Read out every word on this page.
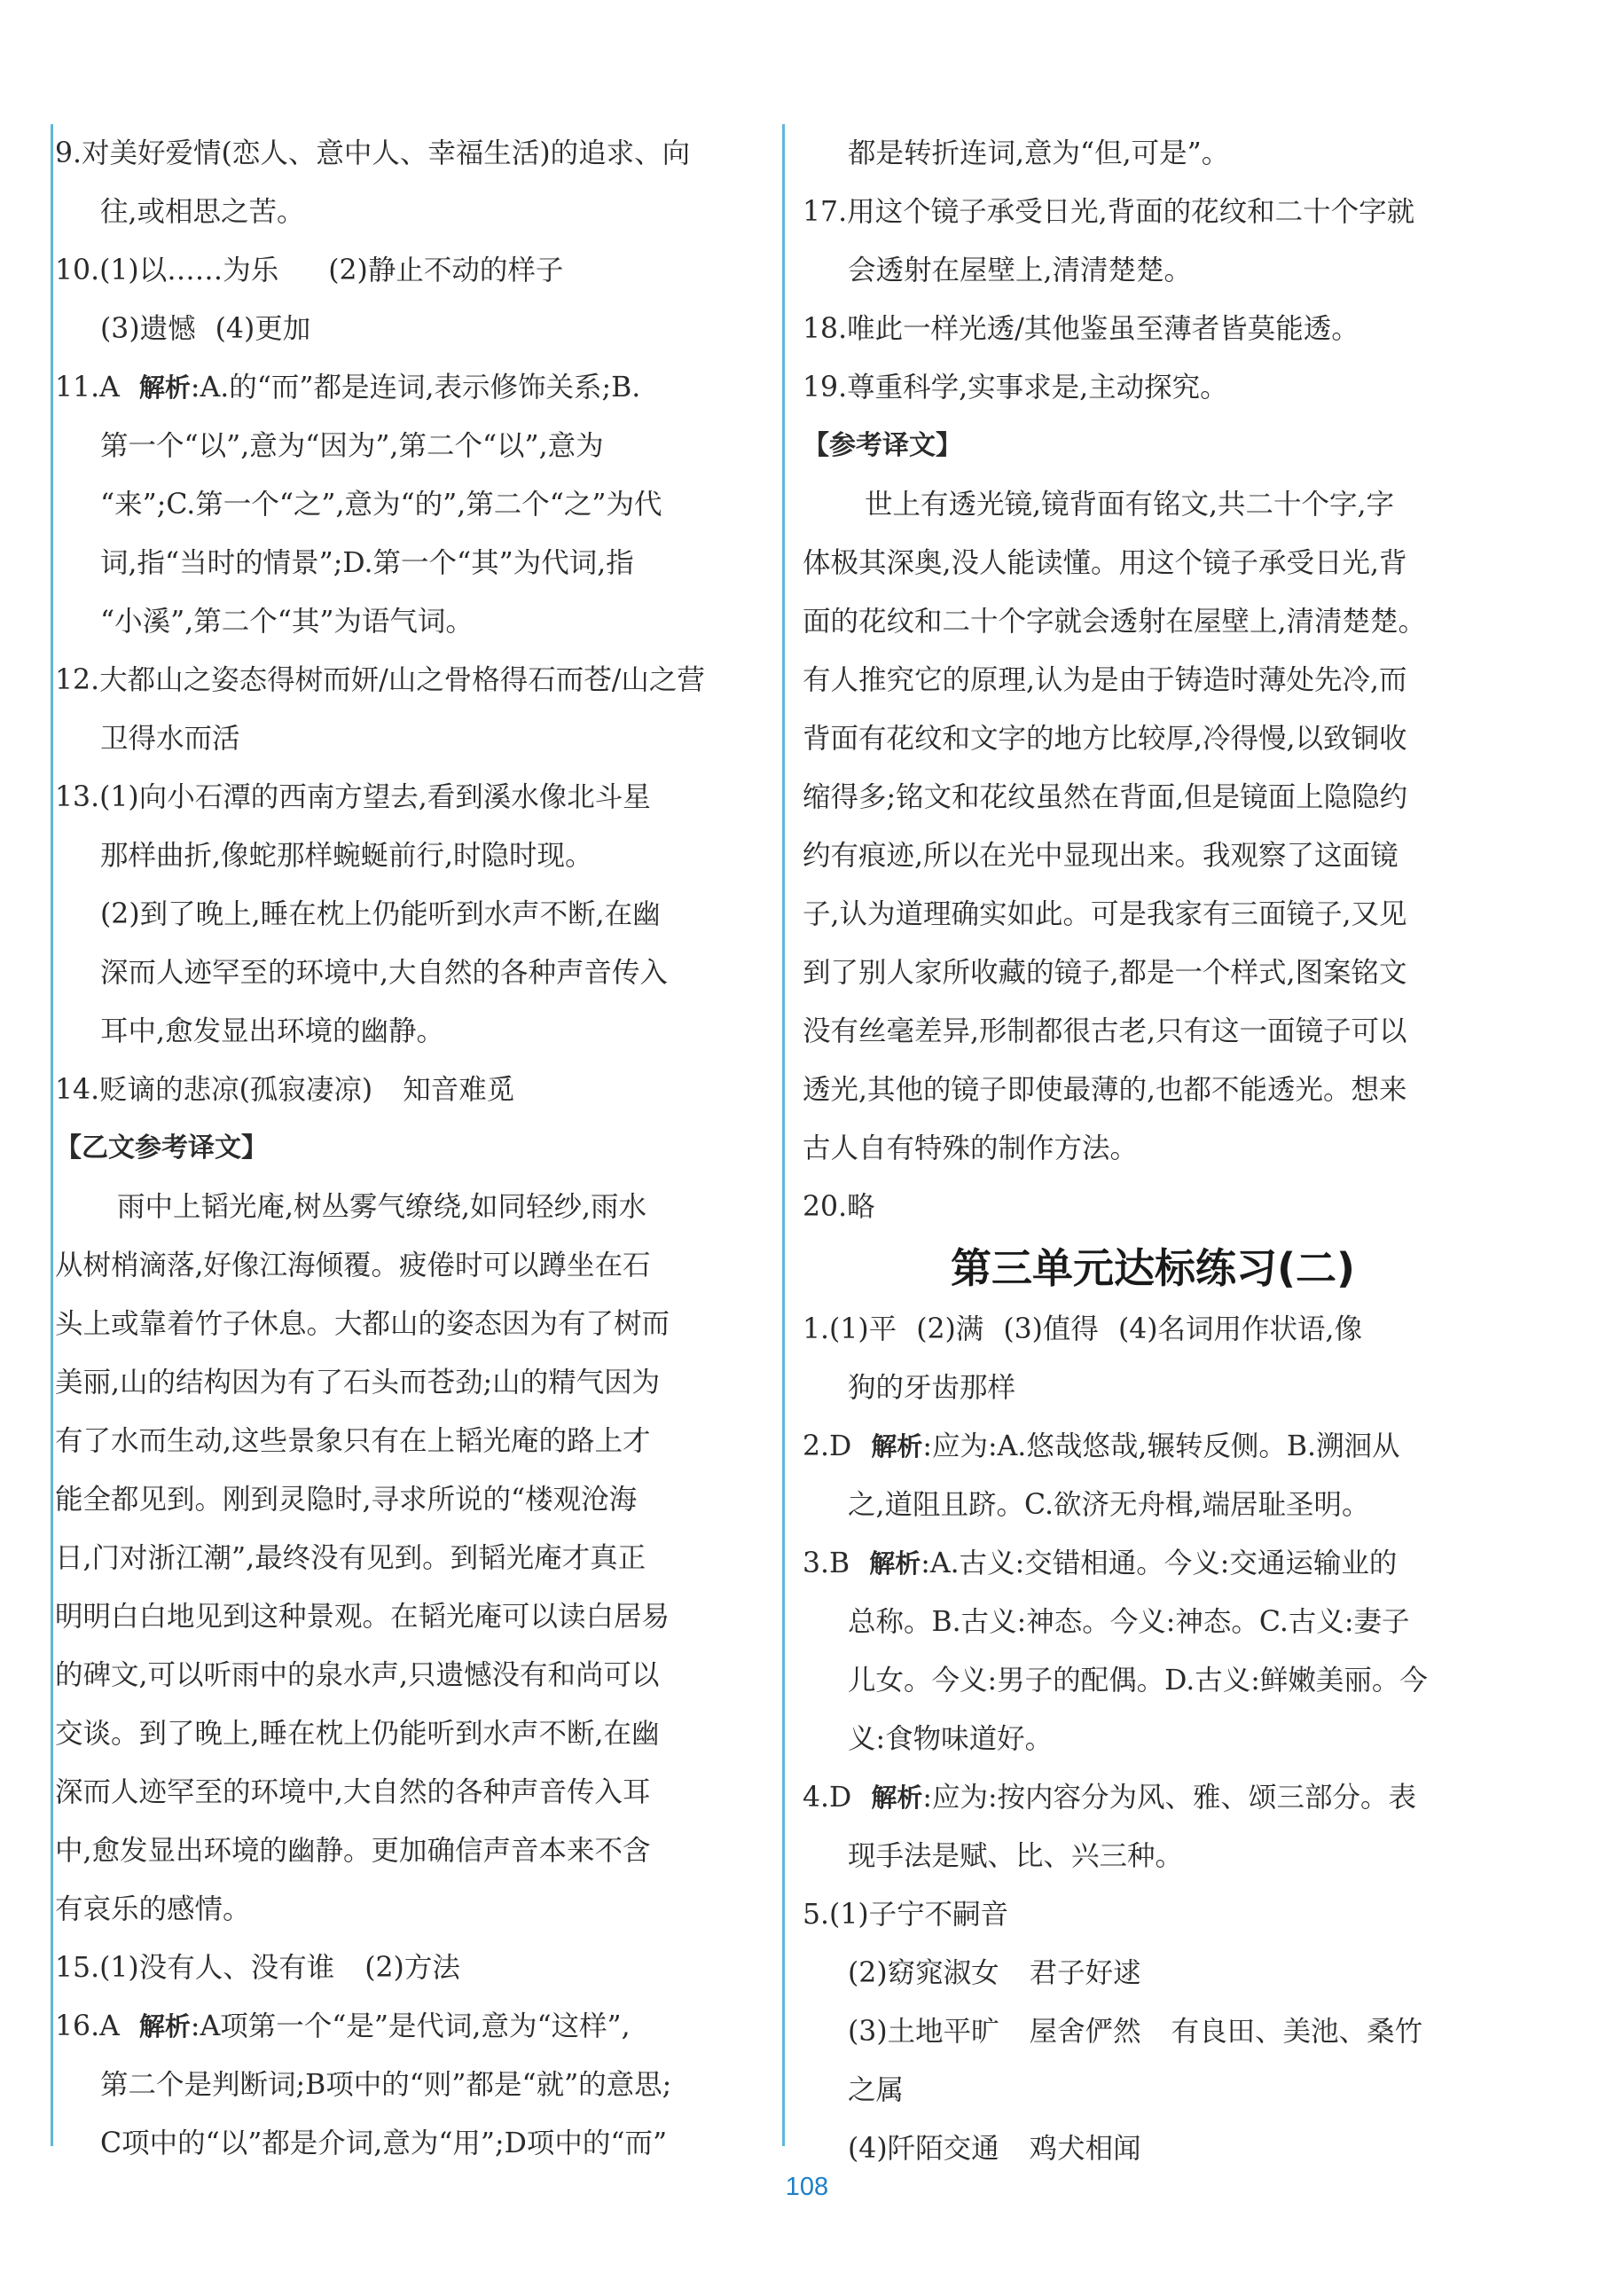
9.对美好爱情(恋人、意中人、幸福生活)的追求、向
往,或相思之苦。
10.(1)以……为乐 (2)静止不动的样子
(3)遗憾 (4)更加
11.A 解析:A.的“而”都是连词,表示修饰关系;B.
第一个“以”,意为“因为”,第二个“以”,意为
“来”;C.第一个“之”,意为“的”,第二个“之”为代
词,指“当时的情景”;D.第一个“其”为代词,指
“小溪”,第二个“其”为语气词。
12.大都山之姿态得树而妍/山之骨格得石而苍/山之营
卫得水而活
13.(1)向小石潭的西南方望去,看到溪水像北斗星
那样曲折,像蛇那样蜿蜒前行,时隐时现。
(2)到了晚上,睡在枕上仍能听到水声不断,在幽
深而人迹罕至的环境中,大自然的各种声音传入
耳中,愈发显出环境的幽静。
14.贬谪的悲凉(孤寂凄凉) 知音难觅
【乙文参考译文】
雨中上韬光庵,树丛雾气缭绕,如同轻纱,雨水
从树梢滴落,好像江海倾覆。疲倦时可以蹲坐在石
头上或靠着竹子休息。大都山的姿态因为有了树而
美丽,山的结构因为有了石头而苍劲;山的精气因为
有了水而生动,这些景象只有在上韬光庵的路上才
能全都见到。刚到灵隐时,寻求所说的“楼观沧海
日,门对浙江潮”,最终没有见到。到韬光庵才真正
明明白白地见到这种景观。在韬光庵可以读白居易
的碑文,可以听雨中的泉水声,只遗憾没有和尚可以
交谈。到了晚上,睡在枕上仍能听到水声不断,在幽
深而人迹罕至的环境中,大自然的各种声音传入耳
中,愈发显出环境的幽静。更加确信声音本来不含
有哀乐的感情。
15.(1)没有人、没有谁 (2)方法
16.A 解析:A项第一个“是”是代词,意为“这样”,
第二个是判断词;B项中的“则”都是“就”的意思;
C项中的“以”都是介词,意为“用”;D项中的“而”
都是转折连词,意为“但,可是”。
17.用这个镜子承受日光,背面的花纹和二十个字就
会透射在屋壁上,清清楚楚。
18.唯此一样光透/其他鉴虽至薄者皆莫能透。
19.尊重科学,实事求是,主动探究。
【参考译文】
世上有透光镜,镜背面有铭文,共二十个字,字
体极其深奥,没人能读懂。用这个镜子承受日光,背
面的花纹和二十个字就会透射在屋壁上,清清楚楚。
有人推究它的原理,认为是由于铸造时薄处先冷,而
背面有花纹和文字的地方比较厚,冷得慢,以致铜收
缩得多;铭文和花纹虽然在背面,但是镜面上隐隐约
约有痕迹,所以在光中显现出来。我观察了这面镜
子,认为道理确实如此。可是我家有三面镜子,又见
到了别人家所收藏的镜子,都是一个样式,图案铭文
没有丝毫差异,形制都很古老,只有这一面镜子可以
透光,其他的镜子即使最薄的,也都不能透光。想来
古人自有特殊的制作方法。
20.略
第三单元达标练习(二)
1.(1)平 (2)满 (3)值得 (4)名词用作状语,像
狗的牙齿那样
2.D 解析:应为:A.悠哉悠哉,辗转反侧。B.溯洄从
之,道阻且跻。C.欲济无舟楫,端居耻圣明。
3.B 解析:A.古义:交错相通。今义:交通运输业的
总称。B.古义:神态。今义:神态。C.古义:妻子
儿女。今义:男子的配偶。D.古义:鲜嫩美丽。今
义:食物味道好。
4.D 解析:应为:按内容分为风、雅、颂三部分。表
现手法是赋、比、兴三种。
5.(1)子宁不嗣音
(2)窈窕淑女 君子好逑
(3)土地平旷 屋舍俨然 有良田、美池、桑竹
之属
(4)阡陌交通 鸡犬相闻
108
